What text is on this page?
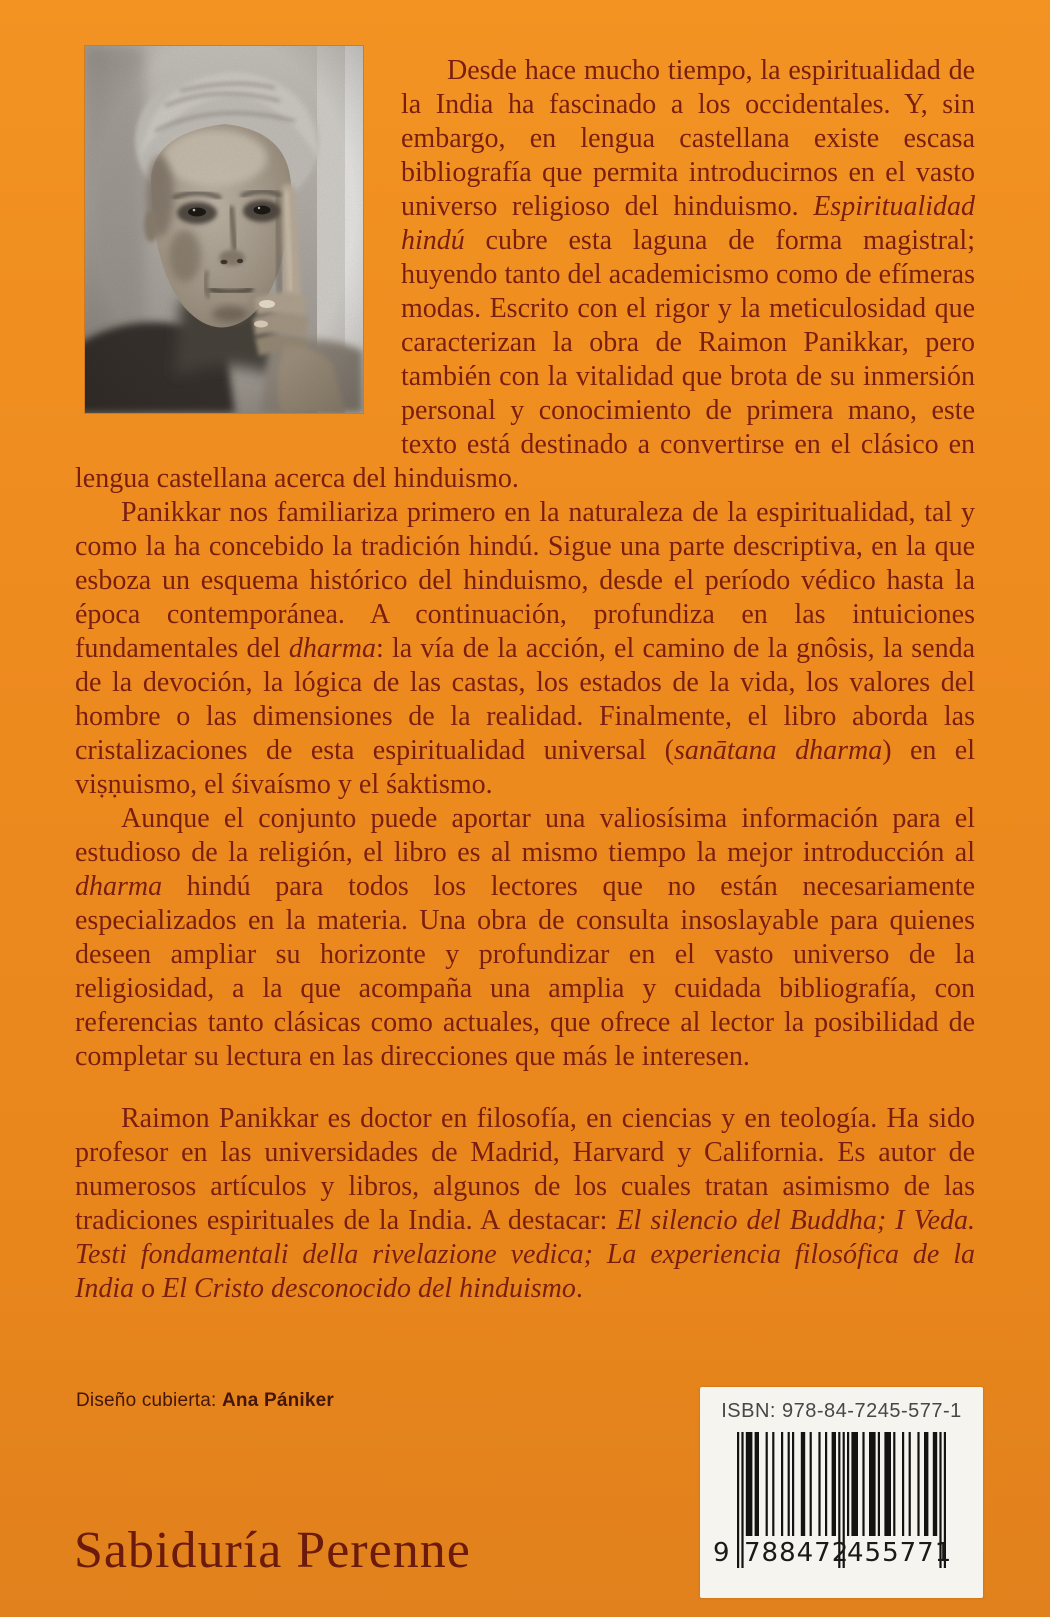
Desde hace mucho tiempo, la espiritualidad de la India ha fascinado a los occidentales. Y, sin embargo, en lengua castellana existe escasa bibliografía que permita introducirnos en el vasto universo religioso del hinduismo. Espiritualidad hindú cubre esta laguna de forma magistral; huyendo tanto del academicismo como de efímeras modas. Escrito con el rigor y la meticulosidad que caracterizan la obra de Raimon Panikkar, pero también con la vitalidad que brota de su inmersión personal y conocimiento de primera mano, este texto está destinado a convertirse en el clásico en lengua castellana acerca del hinduismo.

Panikkar nos familiariza primero en la naturaleza de la espiritualidad, tal y como la ha concebido la tradición hindú. Sigue una parte descriptiva, en la que esboza un esquema histórico del hinduismo, desde el período védico hasta la época contemporánea. A continuación, profundiza en las intuiciones fundamentales del dharma: la vía de la acción, el camino de la gnôsis, la senda de la devoción, la lógica de las castas, los estados de la vida, los valores del hombre o las dimensiones de la realidad. Finalmente, el libro aborda las cristalizaciones de esta espiritualidad universal (sanātana dharma) en el viṣṇuismo, el śivaísmo y el śaktismo.

Aunque el conjunto puede aportar una valiosísima información para el estudioso de la religión, el libro es al mismo tiempo la mejor introducción al dharma hindú para todos los lectores que no están necesariamente especializados en la materia. Una obra de consulta insoslayable para quienes deseen ampliar su horizonte y profundizar en el vasto universo de la religiosidad, a la que acompaña una amplia y cuidada bibliografía, con referencias tanto clásicas como actuales, que ofrece al lector la posibilidad de completar su lectura en las direcciones que más le interesen.

Raimon Panikkar es doctor en filosofía, en ciencias y en teología. Ha sido profesor en las universidades de Madrid, Harvard y California. Es autor de numerosos artículos y libros, algunos de los cuales tratan asimismo de las tradiciones espirituales de la India. A destacar: El silencio del Buddha; I Veda. Testi fondamentali della rivelazione vedica; La experiencia filosófica de la India o El Cristo desconocido del hinduismo.

Diseño cubierta: Ana Pániker	ISBN: 978-84-7245-577-1
9 788472
455771
Sabiduría Perenne
